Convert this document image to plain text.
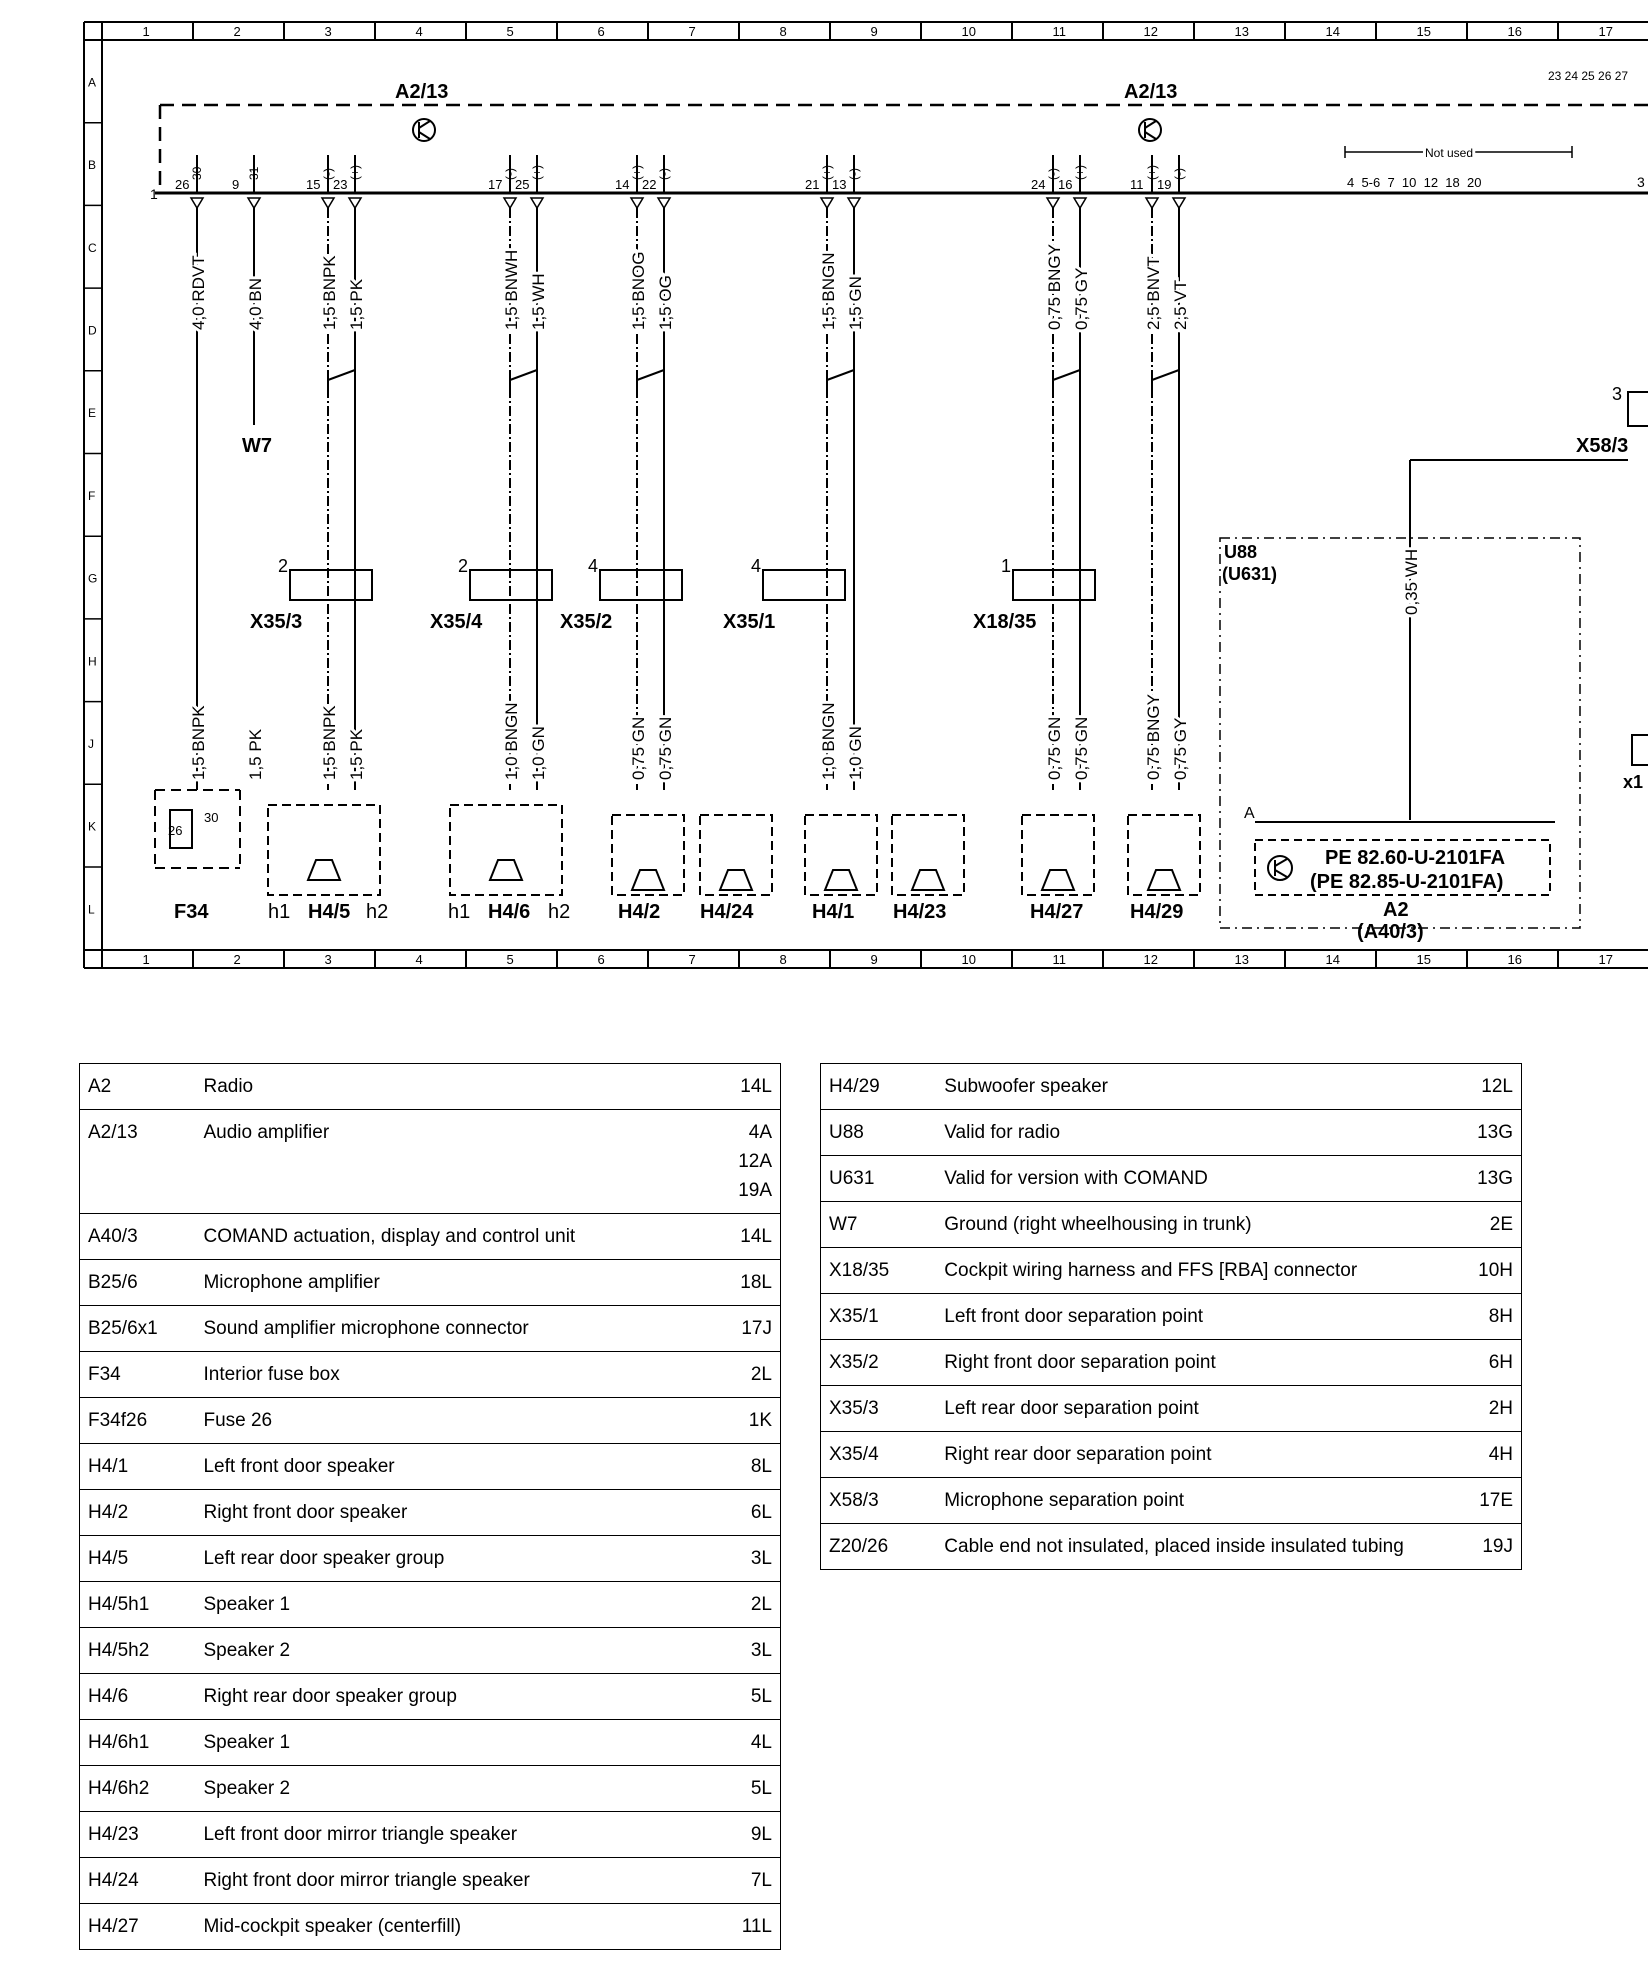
1	2	3	4	5	6	7	8	9	10	11	12	13	14	15	16	17
1	2	3	4	5	6	7	8	9	10	11	12	13	14	15	16	17
A
B
C
D
E
F
G
H
J
K
L
1
A2/13	A2/13
23 24 25 26 27
26
30
9
31
15
(-)
23
(+)
17
(-)
25
(+)
14
(+)
22
(-)
21
(+)
13
(-)
24
(-)
16
(+)
11
(+)
19
(-)
4,0 RDVT
1,5 BNPK
4,0 BN
1,5 PK
1,5 BNPK
1,5 BNPK
1,5 PK
1,5 PK
1,5 BNWH
1,0 BNGN
1,5 WH
1,0 GN
1,5 BNOG
0,75 GN
1,5 OG
0,75 GN
1,5 BNGN
1,0 BNGN
1,5 GN
1,0 GN
0,75 BNGY
0,75 GN
0,75 GY
0,75 GN
2,5 BNVT
0,75 BNGY
2,5 VT
0,75 GY
0,35 WH
Not used
4  5-6  7  10  12  18  20	3
W7
2
X35/3
2
X35/4
4
X35/2
4
X35/1
1
X18/35
h1 H4/5 h2	h1 H4/6 h2 H4/2 H4/24	H4/1 H4/23	H4/27 H4/29
3
X58/3
x1
U88
(U631)
A
PE 82.60-U-2101FA
(PE 82.85-U-2101FA)
A2
(A40/3)
26
30
F34
A2	Radio	14L
A2/13	Audio amplifier	4A
12A
19A
A40/3	COMAND actuation, display and control unit	14L
B25/6	Microphone amplifier	18L
B25/6x1	Sound amplifier microphone connector	17J
F34	Interior fuse box	2L
F34f26	Fuse 26	1K
H4/1	Left front door speaker	8L
H4/2	Right front door speaker	6L
H4/5	Left rear door speaker group	3L
H4/5h1	Speaker 1	2L
H4/5h2	Speaker 2	3L
H4/6	Right rear door speaker group	5L
H4/6h1	Speaker 1	4L
H4/6h2	Speaker 2	5L
H4/23	Left front door mirror triangle speaker	9L
H4/24	Right front door mirror triangle speaker	7L
H4/27	Mid-cockpit speaker (centerfill)	11L
H4/29	Subwoofer speaker	12L
U88	Valid for radio	13G
U631	Valid for version with COMAND	13G
W7	Ground (right wheelhousing in trunk)	2E
X18/35	Cockpit wiring harness and FFS [RBA] connector	10H
X35/1	Left front door separation point	8H
X35/2	Right front door separation point	6H
X35/3	Left rear door separation point	2H
X35/4	Right rear door separation point	4H
X58/3	Microphone separation point	17E
Z20/26	Cable end not insulated, placed inside insulated tubing	19J
